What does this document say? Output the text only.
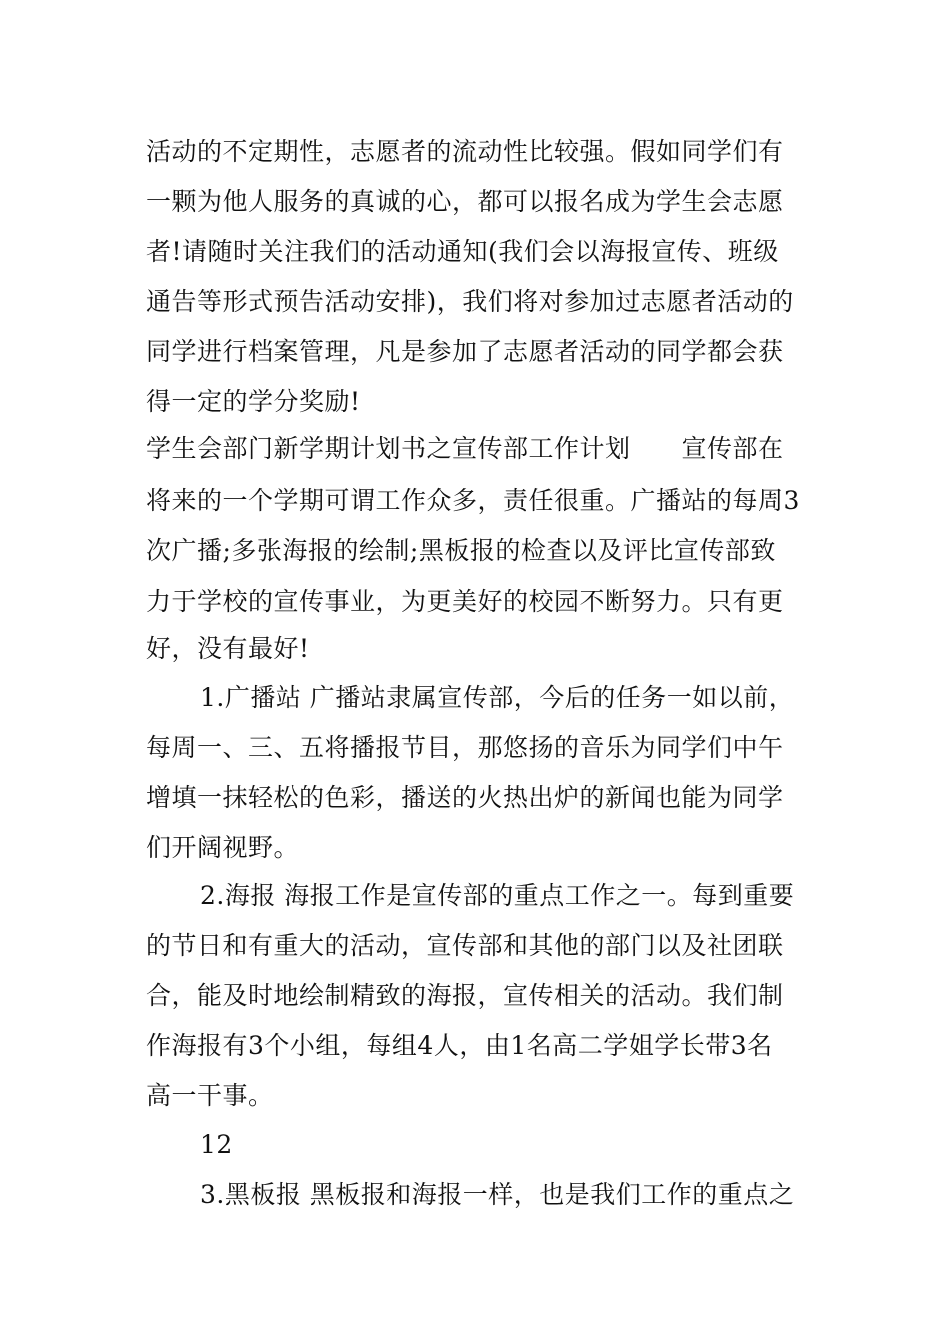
活动的不定期性，志愿者的流动性比较强。假如同学们有
一颗为他人服务的真诚的心，都可以报名成为学生会志愿
者!请随时关注我们的活动通知(我们会以海报宣传、班级
通告等形式预告活动安排)，我们将对参加过志愿者活动的
同学进行档案管理，凡是参加了志愿者活动的同学都会获
得一定的学分奖励!
学生会部门新学期计划书之宣传部工作计划　　宣传部在
将来的一个学期可谓工作众多，责任很重。广播站的每周3
次广播;多张海报的绘制;黑板报的检查以及评比宣传部致
力于学校的宣传事业，为更美好的校园不断努力。只有更
好，没有最好!
1.广播站 广播站隶属宣传部，今后的任务一如以前，
每周一、三、五将播报节目，那悠扬的音乐为同学们中午
增填一抹轻松的色彩，播送的火热出炉的新闻也能为同学
们开阔视野。
2.海报 海报工作是宣传部的重点工作之一。每到重要
的节日和有重大的活动，宣传部和其他的部门以及社团联
合，能及时地绘制精致的海报，宣传相关的活动。我们制
作海报有3个小组，每组4人，由1名高二学姐学长带3名
高一干事。
12
3.黑板报 黑板报和海报一样，也是我们工作的重点之
